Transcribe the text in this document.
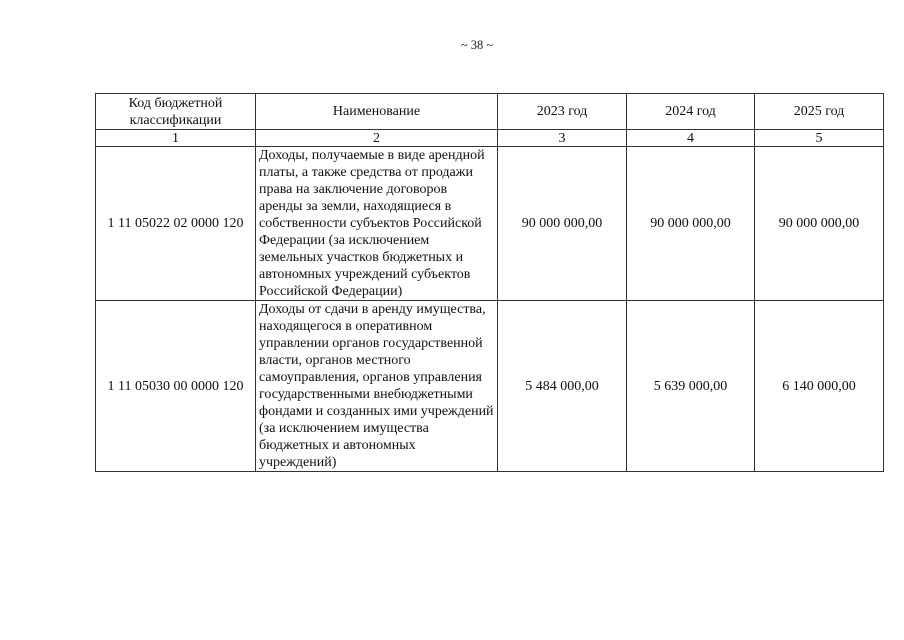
~ 38 ~
Код бюджетной классификации	Наименование	2023 год	2024 год	2025 год
1	2	3	4	5
1 11 05022 02 0000 120	Доходы, получаемые в виде арендной платы, а также средства от продажи права на заключение договоров аренды за земли, находящиеся в собственности субъектов Российской Федерации (за исключением земельных участков бюджетных и автономных учреждений субъектов Российской Федерации)	90 000 000,00	90 000 000,00	90 000 000,00
1 11 05030 00 0000 120	Доходы от сдачи в аренду имущества, находящегося в оперативном управлении органов государственной власти, органов местного самоуправления, органов управления государственными внебюджетными фондами и созданных ими учреждений (за исключением имущества бюджетных и автономных учреждений)	5 484 000,00	5 639 000,00	6 140 000,00
